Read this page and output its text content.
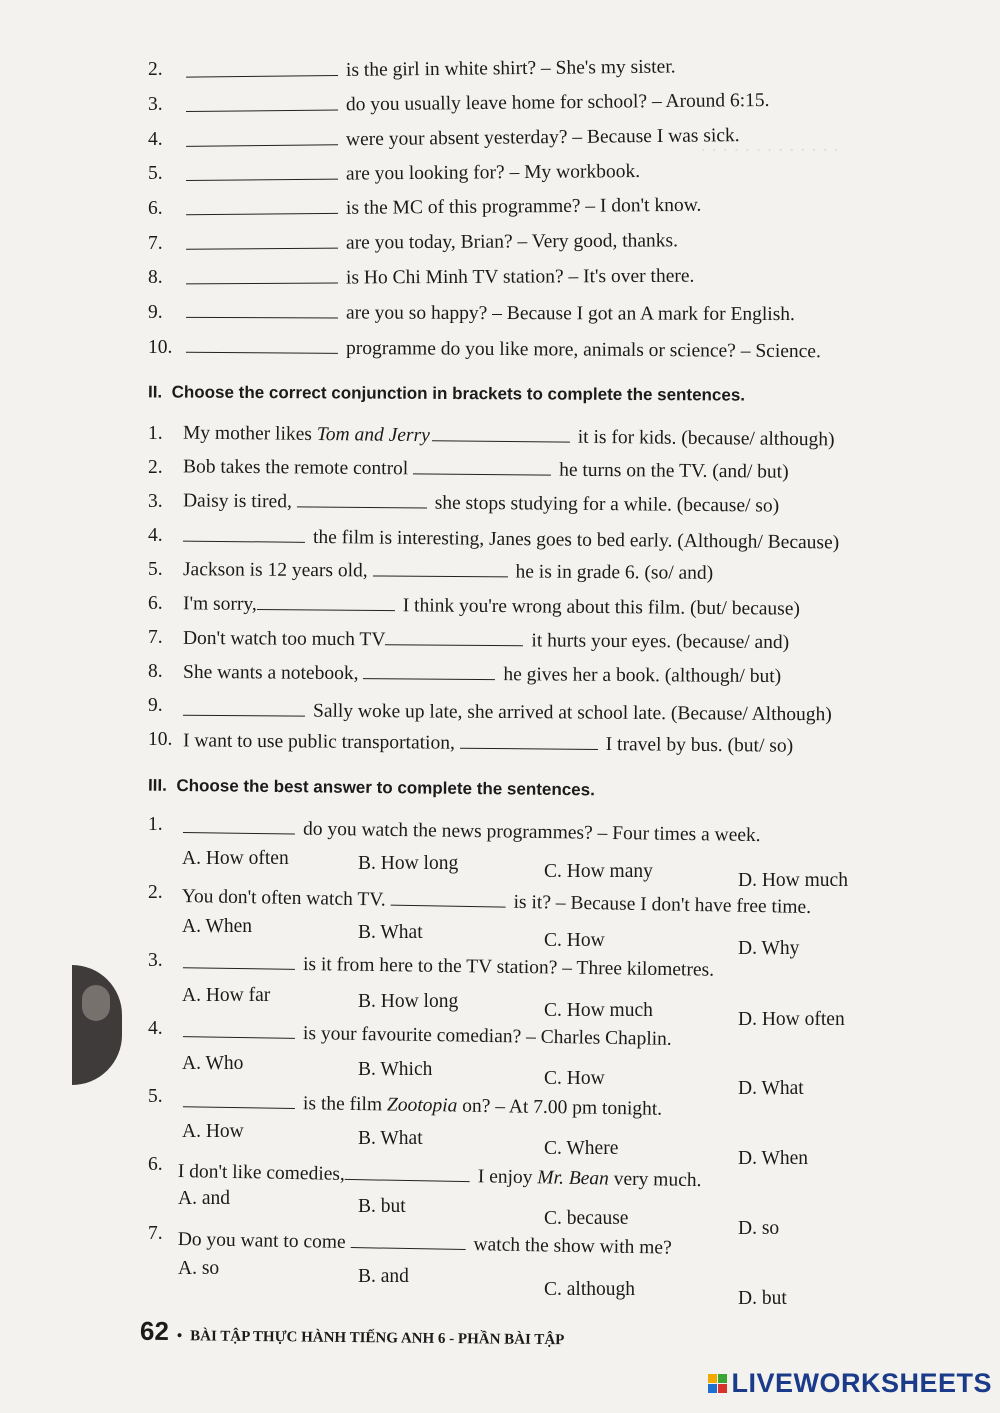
· · · · · · · · · · · · ·
2.	is the girl in white shirt? – She's my sister.
3.	do you usually leave home for school? – Around 6:15.
4.	were your absent yesterday? – Because I was sick.
5.	are you looking for? – My workbook.
6.	is the MC of this programme? – I don't know.
7.	are you today, Brian? – Very good, thanks.
8.	is Ho Chi Minh TV station? – It's over there.
9.	are you so happy? – Because I got an A mark for English.
10.	programme do you like more, animals or science? – Science.
II. Choose the correct conjunction in brackets to complete the sentences.
1. My mother likes Tom and Jerry	it is for kids. (because/ although)
2. Bob takes the remote control	he turns on the TV. (and/ but)
3. Daisy is tired,	she stops studying for a while. (because/ so)
4.	the film is interesting, Janes goes to bed early. (Although/ Because)
5. Jackson is 12 years old,	he is in grade 6. (so/ and)
6. I'm sorry,	I think you're wrong about this film. (but/ because)
7. Don't watch too much TV	it hurts your eyes. (because/ and)
8. She wants a notebook,	he gives her a book. (although/ but)
9.	Sally woke up late, she arrived at school late. (Because/ Although)
10. I want to use public transportation,	I travel by bus. (but/ so)
III. Choose the best answer to complete the sentences.
1.	do you watch the news programmes? – Four times a week.
A. How often	B. How long	C. How many	D. How much
2. You don't often watch TV.	is it? – Because I don't have free time.
A. When	B. What	C. How	D. Why
3.	is it from here to the TV station? – Three kilometres.
A. How far	B. How long	C. How much	D. How often
4.	is your favourite comedian? – Charles Chaplin.
A. Who	B. Which	C. How	D. What
5.	is the film Zootopia on? – At 7.00 pm tonight.
A. How	B. What	C. Where	D. When
6. I don't like comedies,	I enjoy Mr. Bean very much.
A. and	B. but
C. because	D. so
7. Do you want to come	watch the show with me?
A. so	B. and
C. although	D. but
62 • BÀI TẬP THỰC HÀNH TIẾNG ANH 6 - PHẦN BÀI TẬP
LIVEWORKSHEETS
